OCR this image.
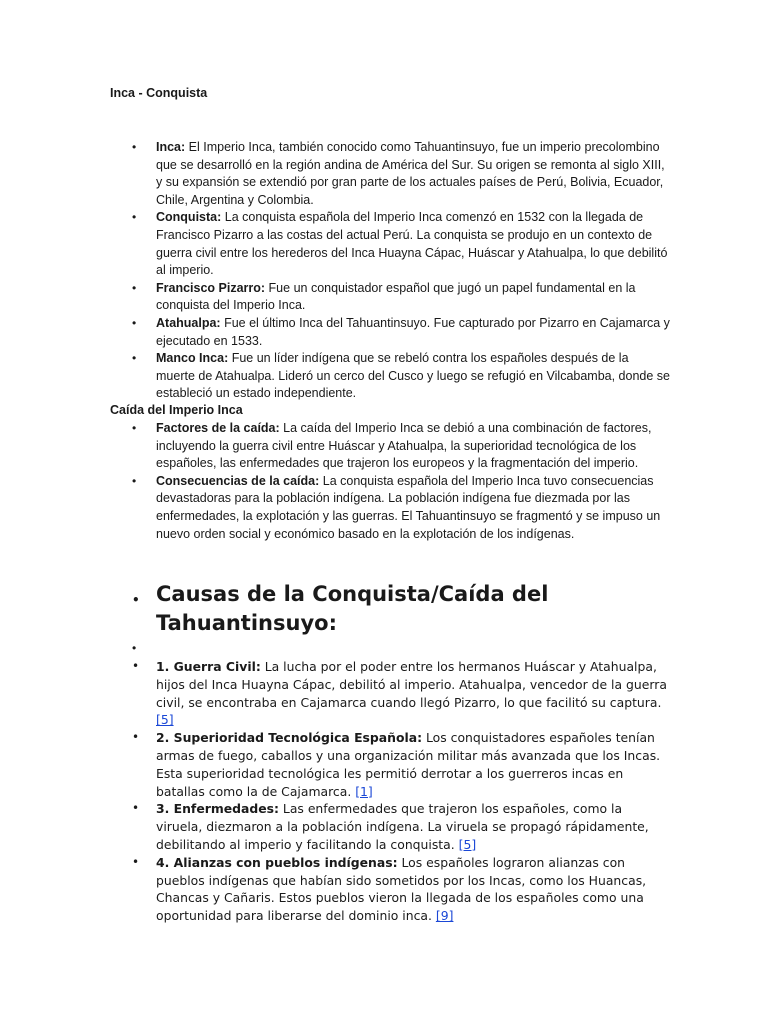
Inca - Conquista
• Inca: El Imperio Inca, también conocido como Tahuantinsuyo, fue un imperio precolombino que se desarrolló en la región andina de América del Sur. Su origen se remonta al siglo XIII, y su expansión se extendió por gran parte de los actuales países de Perú, Bolivia, Ecuador, Chile, Argentina y Colombia.
• Conquista: La conquista española del Imperio Inca comenzó en 1532 con la llegada de Francisco Pizarro a las costas del actual Perú. La conquista se produjo en un contexto de guerra civil entre los herederos del Inca Huayna Cápac, Huáscar y Atahualpa, lo que debilitó al imperio.
• Francisco Pizarro: Fue un conquistador español que jugó un papel fundamental en la conquista del Imperio Inca.
• Atahualpa: Fue el último Inca del Tahuantinsuyo. Fue capturado por Pizarro en Cajamarca y ejecutado en 1533.
• Manco Inca: Fue un líder indígena que se rebeló contra los españoles después de la muerte de Atahualpa. Lideró un cerco del Cusco y luego se refugió en Vilcabamba, donde se estableció un estado independiente.
Caída del Imperio Inca
• Factores de la caída: La caída del Imperio Inca se debió a una combinación de factores, incluyendo la guerra civil entre Huáscar y Atahualpa, la superioridad tecnológica de los españoles, las enfermedades que trajeron los europeos y la fragmentación del imperio.
• Consecuencias de la caída: La conquista española del Imperio Inca tuvo consecuencias devastadoras para la población indígena. La población indígena fue diezmada por las enfermedades, la explotación y las guerras. El Tahuantinsuyo se fragmentó y se impuso un nuevo orden social y económico basado en la explotación de los indígenas.
• Causas de la Conquista/Caída del Tahuantinsuyo:
•
• 1. Guerra Civil: La lucha por el poder entre los hermanos Huáscar y Atahualpa, hijos del Inca Huayna Cápac, debilitó al imperio. Atahualpa, vencedor de la guerra civil, se encontraba en Cajamarca cuando llegó Pizarro, lo que facilitó su captura. [5]
• 2. Superioridad Tecnológica Española: Los conquistadores españoles tenían armas de fuego, caballos y una organización militar más avanzada que los Incas. Esta superioridad tecnológica les permitió derrotar a los guerreros incas en batallas como la de Cajamarca. [1]
• 3. Enfermedades: Las enfermedades que trajeron los españoles, como la viruela, diezmaron a la población indígena. La viruela se propagó rápidamente, debilitando al imperio y facilitando la conquista. [5]
• 4. Alianzas con pueblos indígenas: Los españoles lograron alianzas con pueblos indígenas que habían sido sometidos por los Incas, como los Huancas, Chancas y Cañaris. Estos pueblos vieron la llegada de los españoles como una oportunidad para liberarse del dominio inca. [9]
